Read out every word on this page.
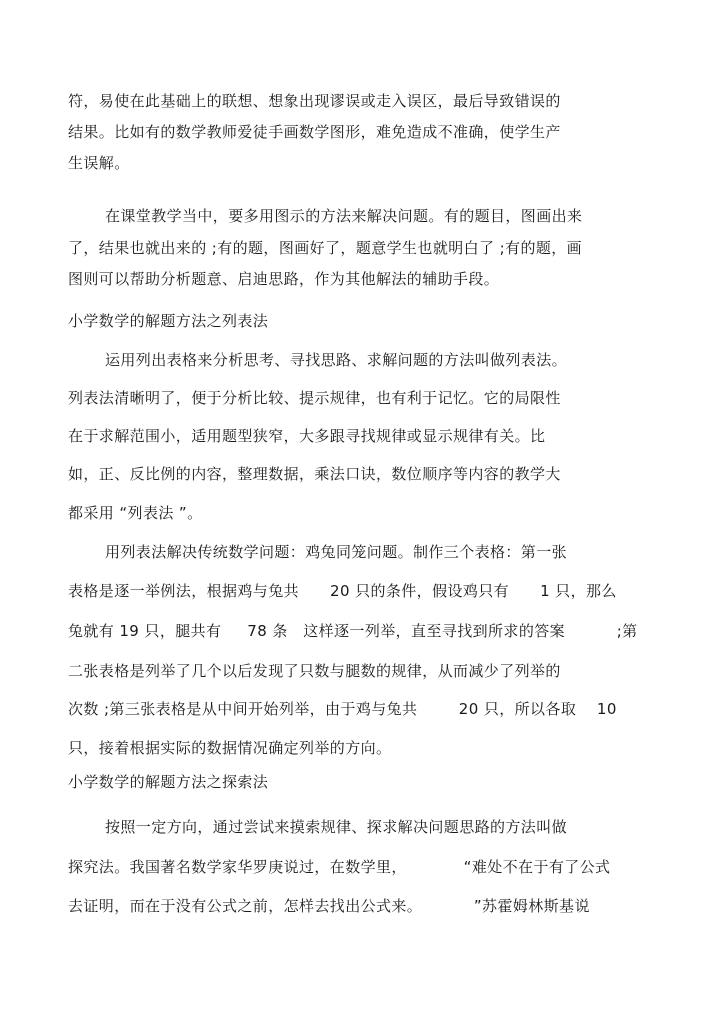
符，易使在此基础上的联想、想象出现谬误或走入误区，最后导致错误的
结果。比如有的数学教师爱徒手画数学图形，难免造成不准确，使学生产
生误解。
在课堂教学当中，要多用图示的方法来解决问题。有的题目，图画出来
了，结果也就出来的 ;有的题，图画好了，题意学生也就明白了 ;有的题，画
图则可以帮助分析题意、启迪思路，作为其他解法的辅助手段。
小学数学的解题方法之列表法
运用列出表格来分析思考、寻找思路、求解问题的方法叫做列表法。
列表法清晰明了，便于分析比较、提示规律，也有利于记忆。它的局限性
在于求解范围小，适用题型狭窄，大多跟寻找规律或显示规律有关。比
如，正、反比例的内容，整理数据，乘法口诀，数位顺序等内容的教学大
都采用 “列表法 ”。
用列表法解决传统数学问题：鸡兔同笼问题。制作三个表格：第一张
表格是逐一举例法，根据鸡与兔共      20 只的条件，假设鸡只有      1 只，那么
兔就有 19 只，腿共有     78 条   这样逐一列举，直至寻找到所求的答案          ;第
二张表格是列举了几个以后发现了只数与腿数的规律，从而减少了列举的
次数 ;第三张表格是从中间开始列举，由于鸡与兔共        20 只，所以各取    10
只，接着根据实际的数据情况确定列举的方向。
小学数学的解题方法之探索法
按照一定方向，通过尝试来摸索规律、探求解决问题思路的方法叫做
探究法。我国著名数学家华罗庚说过，在数学里，           “难处不在于有了公式
去证明，而在于没有公式之前，怎样去找出公式来。          ”苏霍姆林斯基说
